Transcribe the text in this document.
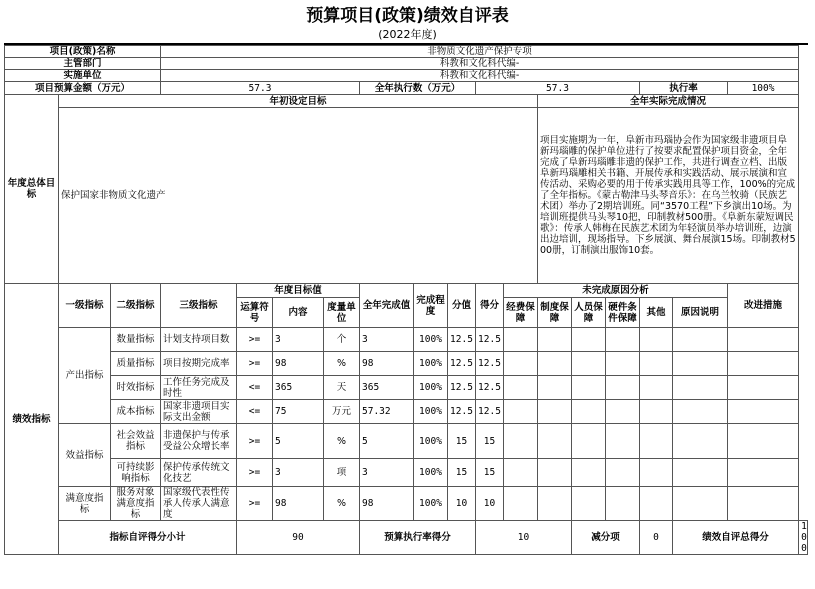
预算项目(政策)绩效自评表
(2022年度)
项目(政策)名称			非物质文化遗产保护专项															
主管部门			科教和文化科代编-															
实施单位			科教和文化科代编-															
项目预算金额（万元）			57.3				全年执行数（万元）			57.3					执行率		100%	
年度总体目标	年初设定目标											全年实际完成情况						
	保护国家非物质文化遗产											项目实施期为一年，阜新市玛瑙协会作为国家级非遗项目阜新玛瑙雕的保护单位进行了按要求配置保护项目资金，全年完成了阜新玛瑙雕非遗的保护工作，共进行调查立档、出版阜新玛瑙雕相关书籍、开展传承和实践活动、展示展演和宣传活动、采购必要的用于传承实践用具等工作，100%的完成了全年指标。《蒙古勒津马头琴音乐》：在乌兰牧骑（民族艺术团）举办了2期培训班。同“3570工程”下乡演出10场。为培训班提供马头琴10把，印制教材500册。《阜新东蒙短调民歌》：传承人韩梅在民族艺术团为年轻演员举办培训班，边演出边培训，现场指导。下乡展演、舞台展演15场。印制教材500册，订制演出服饰10套。						
绩效指标	一级指标	二级指标	三级指标	年度目标值			全年完成值	完成程度	分值	得分	未完成原因分析						改进措施	
				运算符号	内容	度量单位					经费保障	制度保障	人员保障	硬件条件保障	其他	原因说明		

	产出指标	数量指标	计划支持项目数	>=	3	个	3	100%	12.5	12.5								

		质量指标	项目按期完成率	>=	98	%	98	100%	12.5	12.5								

		时效指标	工作任务完成及时性	<=	365	天	365	100%	12.5	12.5								

		成本指标	国家非遗项目实际支出金额	<=	75	万元	57.32	100%	12.5	12.5								

	效益指标	社会效益指标	非遗保护与传承受益公众增长率	>=	5	%	5	100%	15	15								
		可持续影响指标	保护传承传统文化技艺	>=	3	项	3	100%	15	15								
	满意度指标	服务对象满意度指标	国家级代表性传承人传承人满意度	>=	98	%	98	100%	10	10								
	指标自评得分小计			90			预算执行率得分			10			减分项		0	绩效自评总得分		100
